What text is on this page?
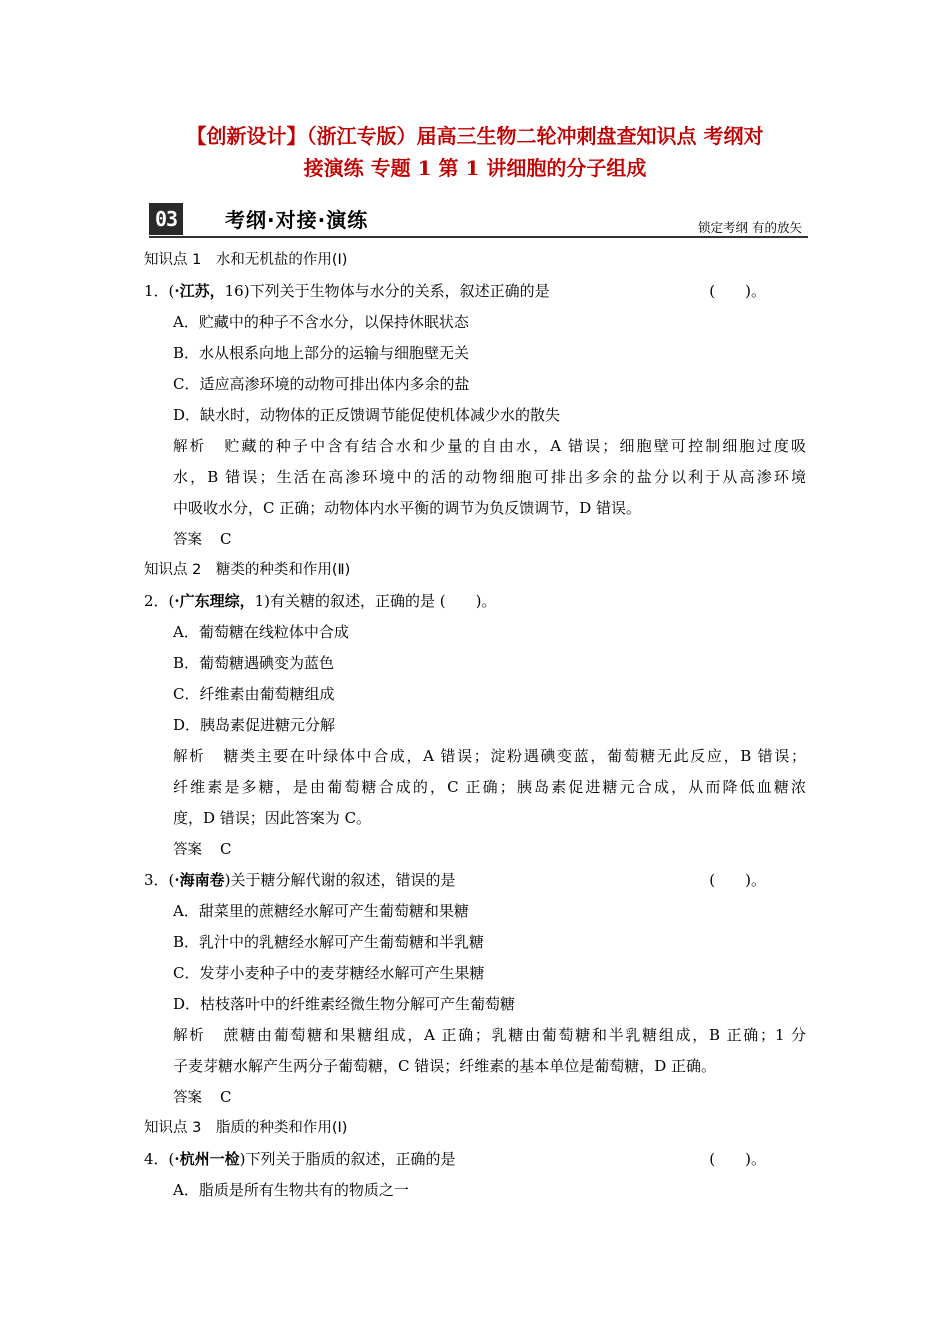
【创新设计】（浙江专版）届高三生物二轮冲刺盘查知识点 考纲对
接演练 专题 1 第 1 讲细胞的分子组成
03 考纲·对接·演练	锁定考纲 有的放矢
知识点 1　水和无机盐的作用(Ⅰ)
1．(·江苏，16)下列关于生物体与水分的关系，叙述正确的是	(　　)。
A．贮藏中的种子不含水分，以保持休眠状态
B．水从根系向地上部分的运输与细胞壁无关
C．适应高渗环境的动物可排出体内多余的盐
D．缺水时，动物体的正反馈调节能促使机体减少水的散失
解析 贮藏的种子中含有结合水和少量的自由水，A 错误；细胞壁可控制细胞过度吸
水，B 错误；生活在高渗环境中的活的动物细胞可排出多余的盐分以利于从高渗环境
中吸收水分，C 正确；动物体内水平衡的调节为负反馈调节，D 错误。
答案 C
知识点 2　糖类的种类和作用(Ⅱ)
2．(·广东理综，1)有关糖的叙述，正确的是 (　　)。
A．葡萄糖在线粒体中合成
B．葡萄糖遇碘变为蓝色
C．纤维素由葡萄糖组成
D．胰岛素促进糖元分解
解析 糖类主要在叶绿体中合成，A 错误；淀粉遇碘变蓝，葡萄糖无此反应，B 错误；
纤维素是多糖，是由葡萄糖合成的，C 正确；胰岛素促进糖元合成，从而降低血糖浓
度，D 错误；因此答案为 C。
答案 C
3．(·海南卷)关于糖分解代谢的叙述，错误的是	(　　)。
A．甜菜里的蔗糖经水解可产生葡萄糖和果糖
B．乳汁中的乳糖经水解可产生葡萄糖和半乳糖
C．发芽小麦种子中的麦芽糖经水解可产生果糖
D．枯枝落叶中的纤维素经微生物分解可产生葡萄糖
解析 蔗糖由葡萄糖和果糖组成，A 正确；乳糖由葡萄糖和半乳糖组成，B 正确；1 分
子麦芽糖水解产生两分子葡萄糖，C 错误；纤维素的基本单位是葡萄糖，D 正确。
答案 C
知识点 3　脂质的种类和作用(Ⅰ)
4．(·杭州一检)下列关于脂质的叙述，正确的是	(　　)。
A．脂质是所有生物共有的物质之一
